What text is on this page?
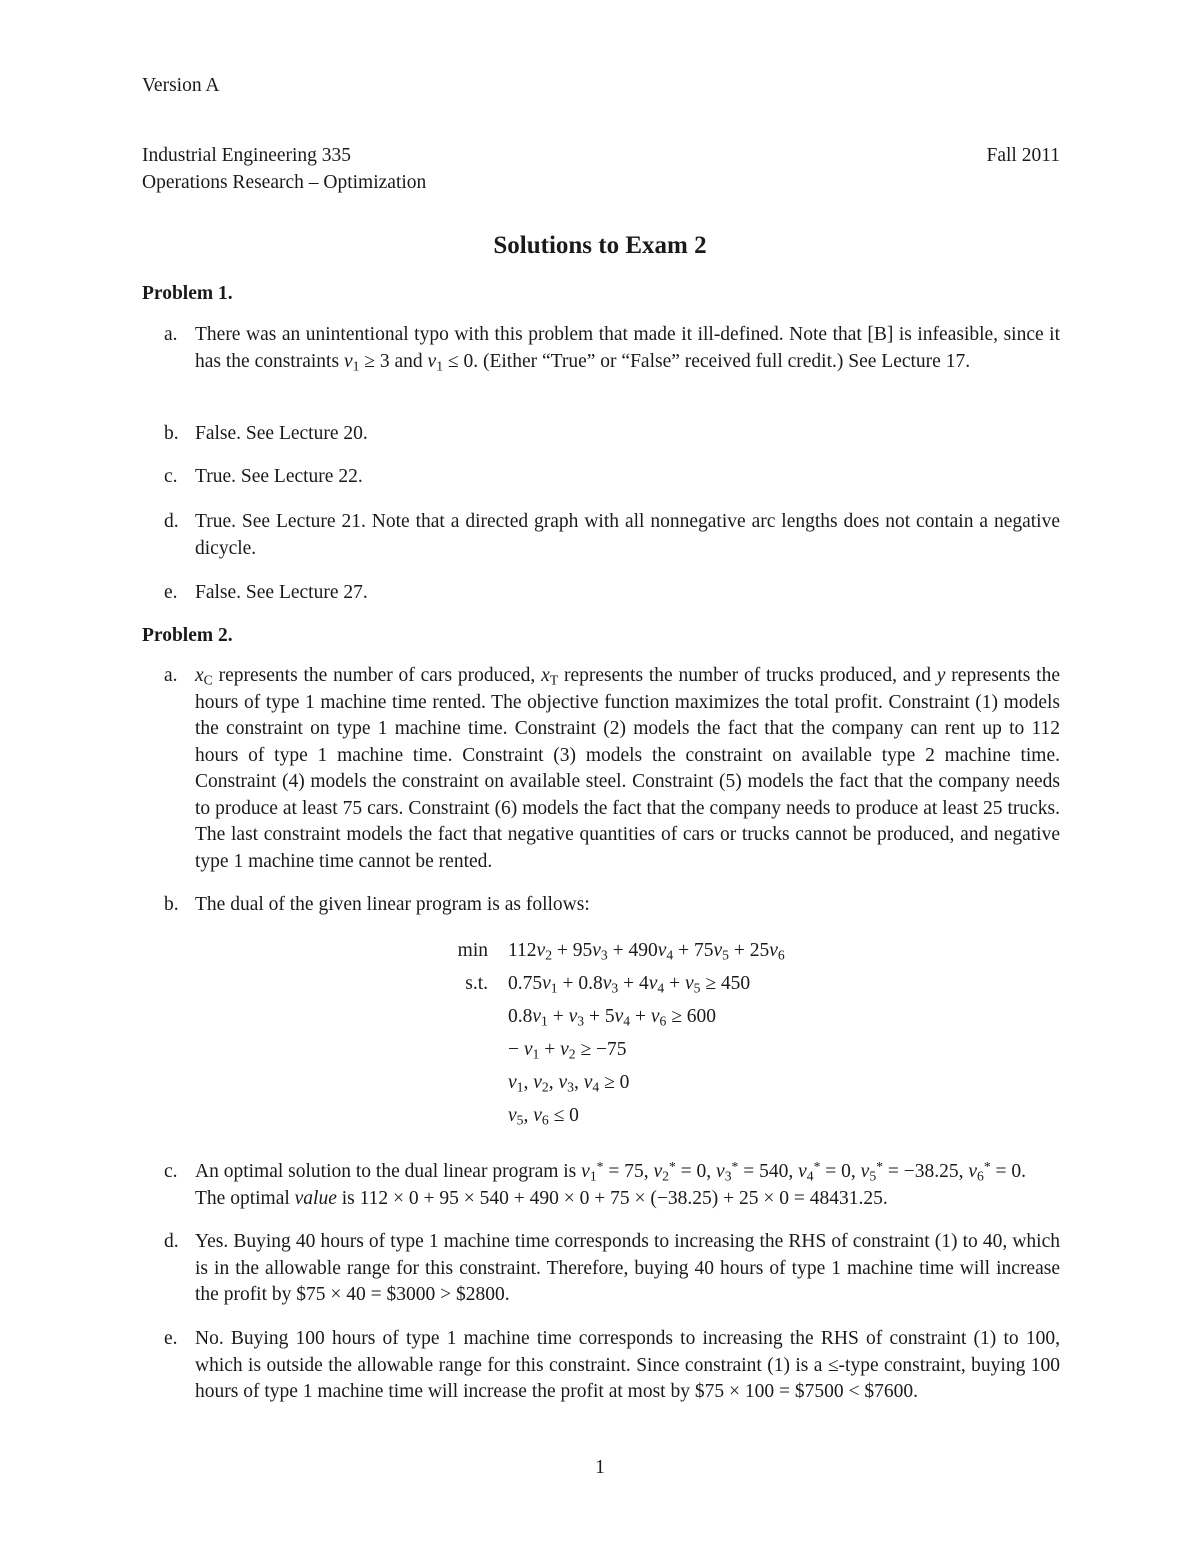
Version A

Industrial Engineering 335	Fall 2011

Operations Research – Optimization

Solutions to Exam 2

Problem 1.

a. There was an unintentional typo with this problem that made it ill-defined. Note that [B] is infeasible, since it has the constraints $v_1 \ge 3$ and $v_1 \le 0$. (Either “True” or “False” received full credit.) See Lecture 17.
b. False. See Lecture 20.
c. True. See Lecture 22.
d. True. See Lecture 21. Note that a directed graph with all nonnegative arc lengths does not contain a negative dicycle.
e. False. See Lecture 27.

Problem 2.

a. $x_C$ represents the number of cars produced, $x_T$ represents the number of trucks produced, and y represents the hours of type 1 machine time rented. The objective function maximizes the total profit. Constraint (1) models the constraint on type 1 machine time. Constraint (2) models the fact that the company can rent up to 112 hours of type 1 machine time. Constraint (3) models the constraint on available type 2 machine time. Constraint (4) models the constraint on available steel. Constraint (5) models the fact that the company needs to produce at least 75 cars. Constraint (6) models the fact that the company needs to produce at least 25 trucks. The last constraint models the fact that negative quantities of cars or trucks cannot be produced, and negative type 1 machine time cannot be rented.
b. The dual of the given linear program is as follows:
$\min 112v_2 + 95v_3 + 490v_4 + 75v_5 + 25v_6$
s.t. $0.75v_1 + 0.8v_3 + 4v_4 + v_5 \ge 450$
$0.8v_1 + v_3 + 5v_4 + v_6 \ge 600$
− $v_1 + v_2 \ge -75$
$v_1$, $v_2$, $v_3$, $v_4 \ge 0$
$v_5$, $v_6 \le 0$
c. An optimal solution to the dual linear program is $v_1^* = 75$, $v_2^* = 0$, $v_3^* = 540$, $v_4^* = 0$, $v_5^* = -38.25$, $v_6^* = 0$.
The optimal value is 112 × 0 + 95 × 540 + 490 × 0 + 75 × (−38.25) + 25 × 0 = 48431.25.
d. Yes. Buying 40 hours of type 1 machine time corresponds to increasing the RHS of constraint (1) to 40, which is in the allowable range for this constraint. Therefore, buying 40 hours of type 1 machine time will increase the profit by $75 × 40 = $3000 > $2800.
e. No. Buying 100 hours of type 1 machine time corresponds to increasing the RHS of constraint (1) to 100, which is outside the allowable range for this constraint. Since constraint (1) is a ≤-type constraint, buying 100 hours of type 1 machine time will increase the profit at most by $75 × 100 = $7500 < $7600.

1
